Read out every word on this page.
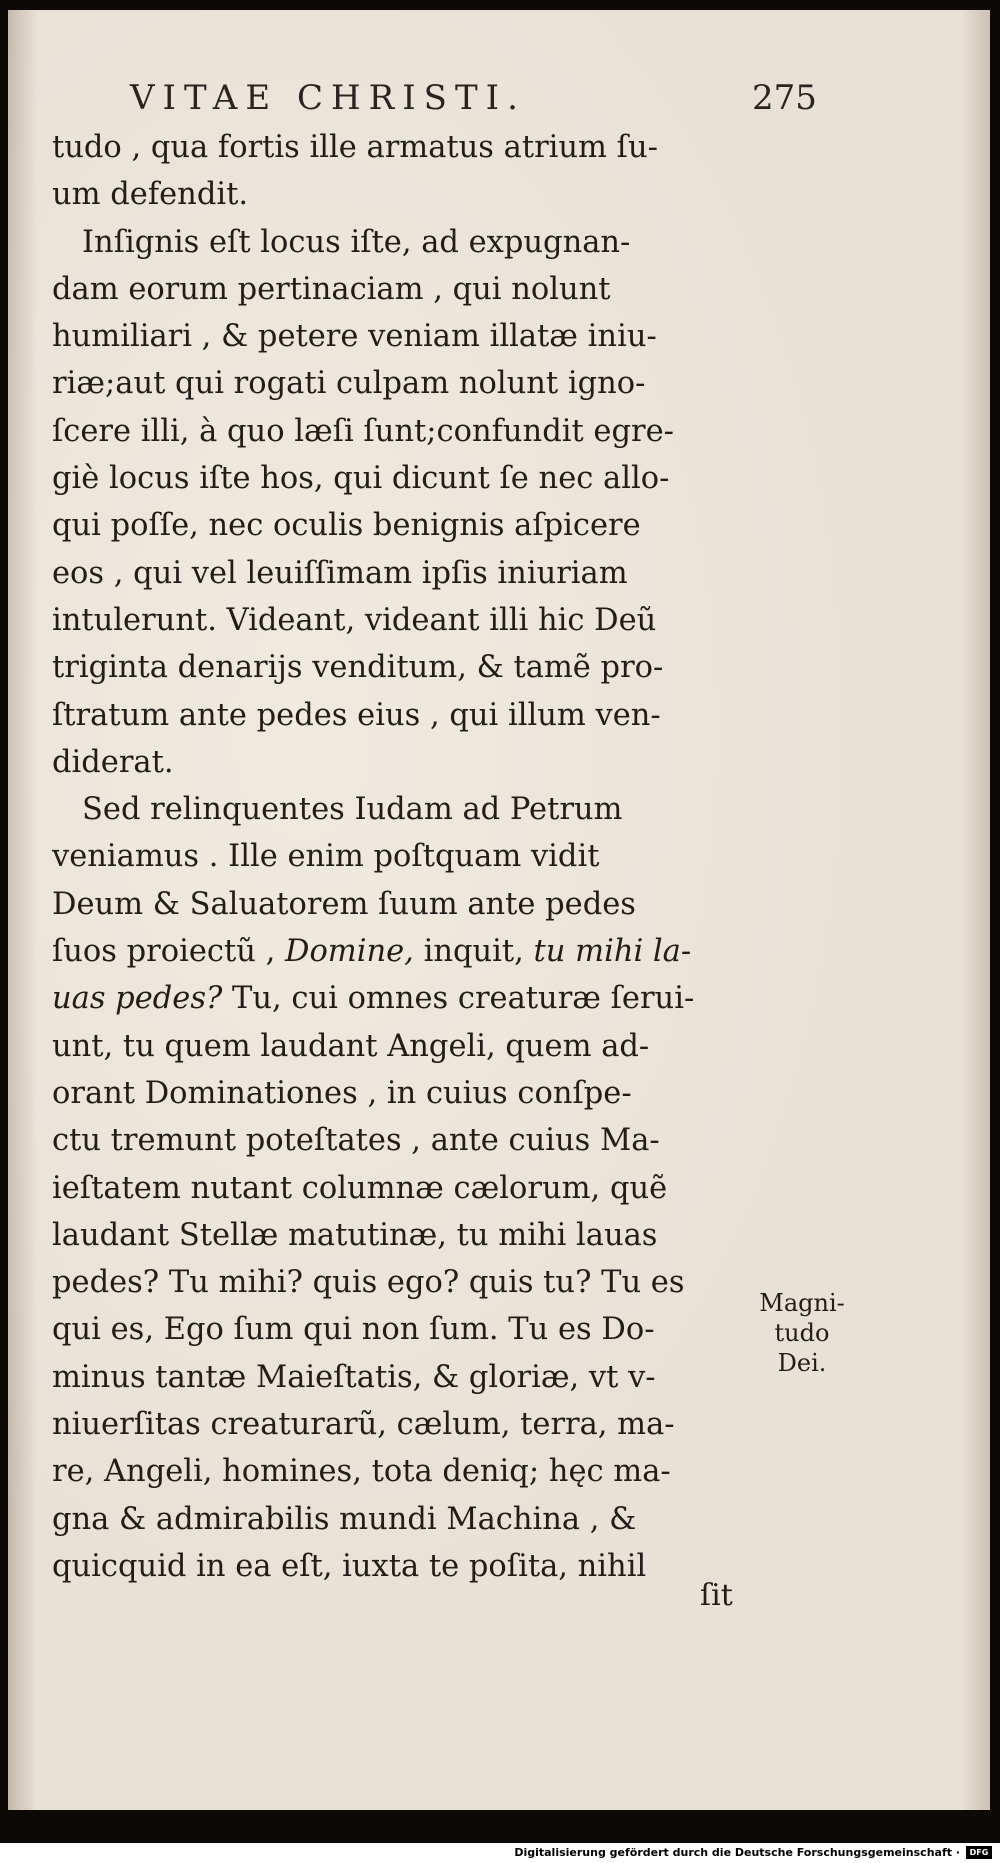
VITAE CHRISTI.	275
tudo , qua fortis ille armatus atrium ſu-
um defendit.
Inſignis eſt locus iſte, ad expugnan-
dam eorum pertinaciam , qui nolunt
humiliari , & petere veniam illatæ iniu-
riæ;aut qui rogati culpam nolunt igno-
ſcere illi, à quo læſi ſunt;confundit egre-
giè locus iſte hos, qui dicunt ſe nec allo-
qui poſſe, nec oculis benignis aſpicere
eos , qui vel leuiſſimam ipſis iniuriam
intulerunt. Videant, videant illi hic Deũ
triginta denarijs venditum, & tamẽ pro-
ſtratum ante pedes eius , qui illum ven-
diderat.
Sed relinquentes Iudam ad Petrum
veniamus . Ille enim poſtquam vidit
Deum & Saluatorem ſuum ante pedes
ſuos proiectũ , Domine, inquit, tu mihi la-
uas pedes? Tu, cui omnes creaturæ ſerui-
unt, tu quem laudant Angeli, quem ad-
orant Dominationes , in cuius conſpe-
ctu tremunt poteſtates , ante cuius Ma-
ieſtatem nutant columnæ cælorum, quẽ
laudant Stellæ matutinæ, tu mihi lauas
pedes? Tu mihi? quis ego? quis tu? Tu es
qui es, Ego ſum qui non ſum. Tu es Do-
minus tantæ Maieſtatis, & gloriæ, vt v-
niuerſitas creaturarũ, cælum, terra, ma-
re, Angeli, homines, tota deniq; hęc ma-
gna & admirabilis mundi Machina , &
quicquid in ea eſt, iuxta te poſita, nihil
Magni-
tudo
Dei.
ſit
Digitalisierung gefördert durch die Deutsche Forschungsgemeinschaft ·	DFG
